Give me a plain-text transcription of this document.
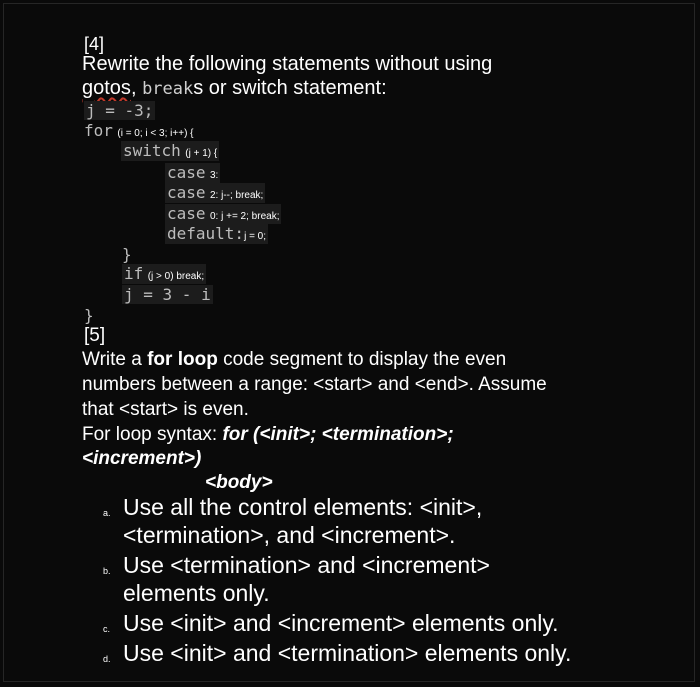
[4]
Rewrite the following statements without using
gotos, breaks or switch statement:
j = -3;
for (i = 0; i < 3; i++) {
switch (j + 1) {
case 3:
case 2: j--; break;
case 0: j += 2; break;
default:j = 0;
}
if (j > 0) break;
j = 3 - i
}
[5]
Write a for loop code segment to display the even
numbers between a range: <start> and <end>. Assume
that <start> is even.
For loop syntax: for (<init>; <termination>;
<increment>)
<body>
a. Use all the control elements: <init>,
<termination>, and <increment>.
b. Use <termination> and <increment>
elements only.
c. Use <init> and <increment> elements only.
d. Use <init> and <termination> elements only.
